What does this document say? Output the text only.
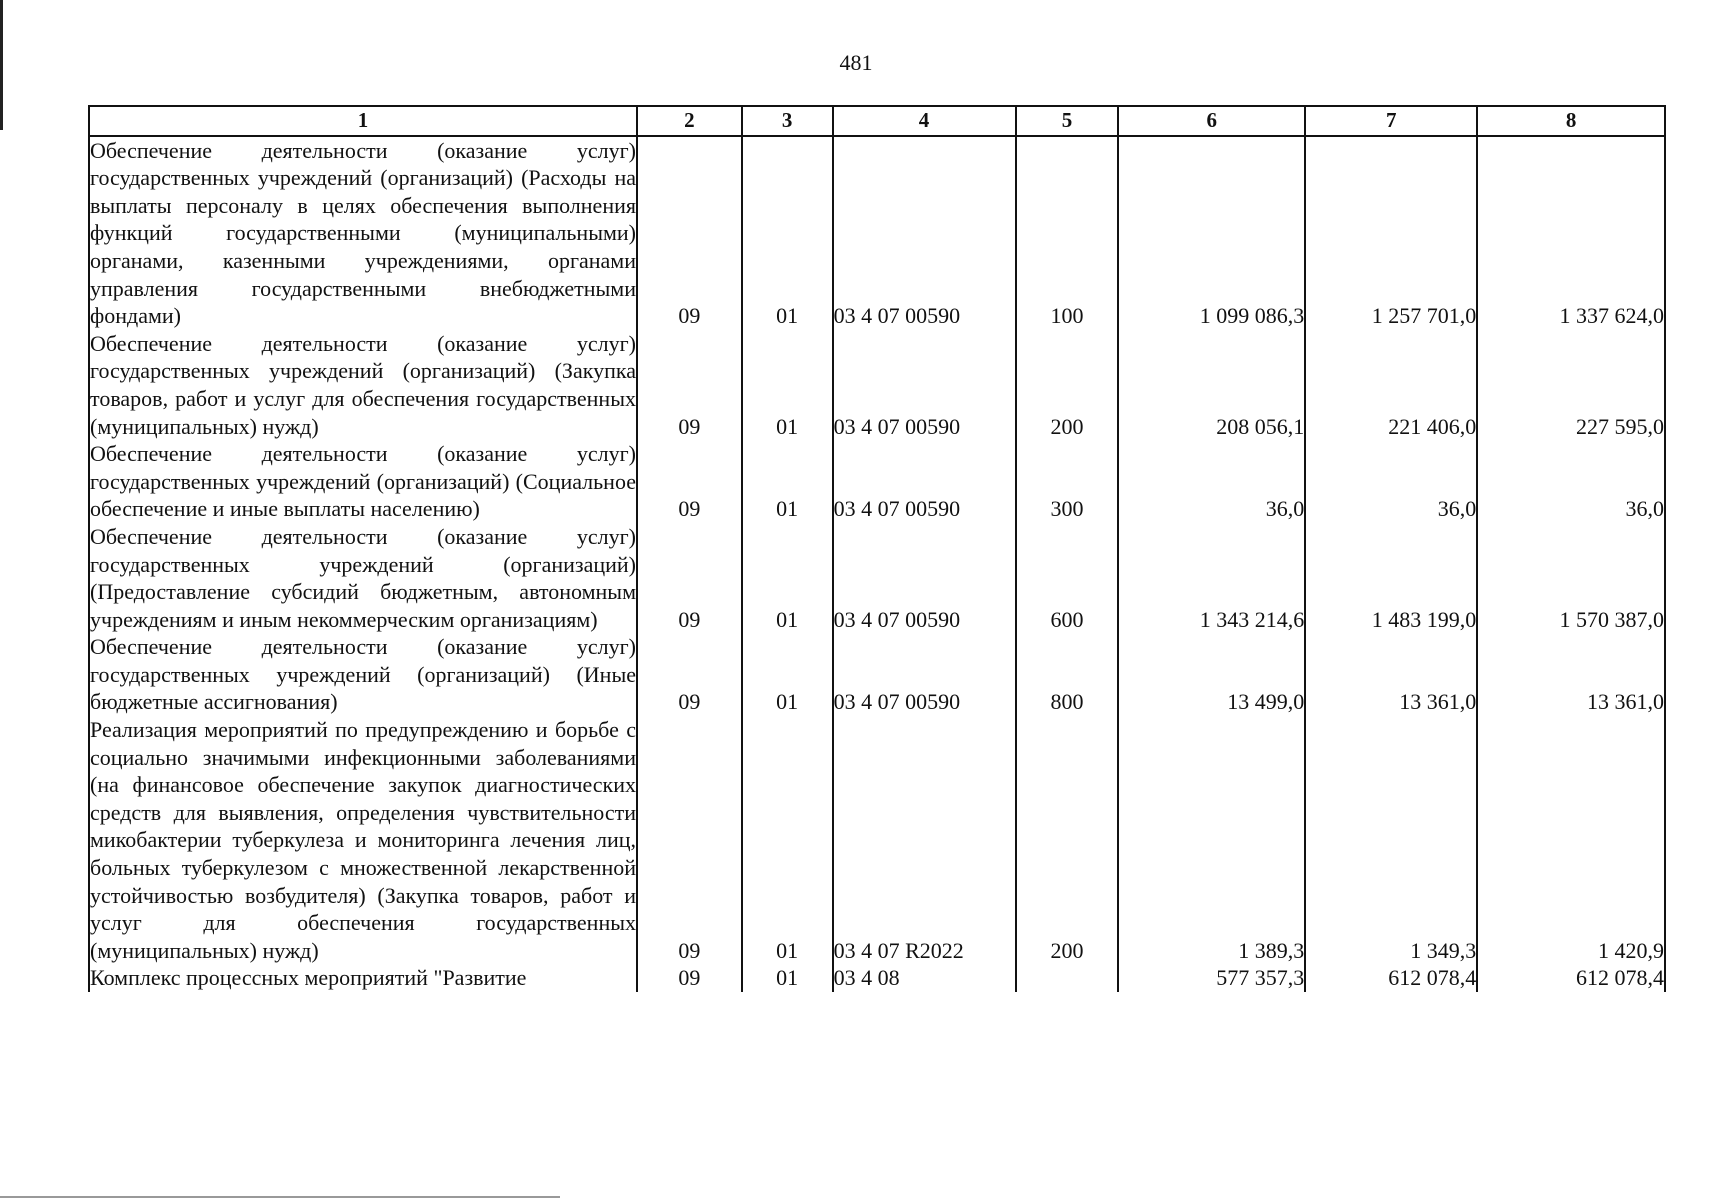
481
1	2	3	4	5	6	7	8
Обеспечение деятельности (оказание услуг) государственных учреждений (организаций) (Расходы на выплаты персоналу в целях обеспечения выполнения функций государственными (муниципальными) органами, казенными учреждениями, органами управления государственными внебюджетными фондами)	09	01	03 4 07 00590	100	1 099 086,3	1 257 701,0	1 337 624,0
Обеспечение деятельности (оказание услуг) государственных учреждений (организаций) (Закупка товаров, работ и услуг для обеспечения государственных (муниципальных) нужд)	09	01	03 4 07 00590	200	208 056,1	221 406,0	227 595,0
Обеспечение деятельности (оказание услуг) государственных учреждений (организаций) (Социальное обеспечение и иные выплаты населению)	09	01	03 4 07 00590	300	36,0	36,0	36,0
Обеспечение деятельности (оказание услуг) государственных учреждений (организаций) (Предоставление субсидий бюджетным, автономным учреждениям и иным некоммерческим организациям)	09	01	03 4 07 00590	600	1 343 214,6	1 483 199,0	1 570 387,0
Обеспечение деятельности (оказание услуг) государственных учреждений (организаций) (Иные бюджетные ассигнования)	09	01	03 4 07 00590	800	13 499,0	13 361,0	13 361,0
Реализация мероприятий по предупреждению и борьбе с социально значимыми инфекционными заболеваниями (на финансовое обеспечение закупок диагностических средств для выявления, определения чувствительности микобактерии туберкулеза и мониторинга лечения лиц, больных туберкулезом с множественной лекарственной устойчивостью возбудителя) (Закупка товаров, работ и услуг для обеспечения государственных (муниципальных) нужд)	09	01	03 4 07 R2022	200	1 389,3	1 349,3	1 420,9
Комплекс процессных мероприятий "Развитие	09	01	03 4 08		577 357,3	612 078,4	612 078,4
